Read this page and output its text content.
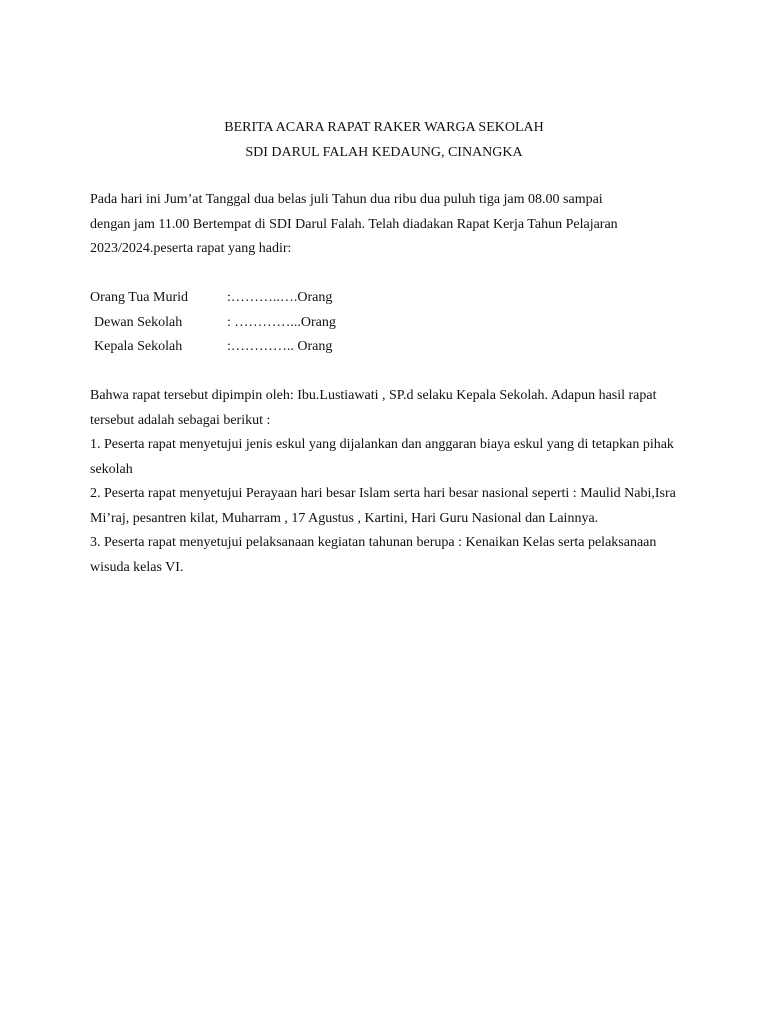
BERITA ACARA RAPAT RAKER WARGA SEKOLAH
SDI DARUL FALAH KEDAUNG, CINANGKA
Pada hari ini Jum’at Tanggal dua belas juli Tahun dua ribu dua puluh tiga jam 08.00 sampai
dengan jam 11.00 Bertempat di SDI Darul Falah. Telah diadakan Rapat Kerja Tahun Pelajaran
2023/2024.peserta rapat yang hadir:
Orang Tua Murid	:………..….Orang
Dewan Sekolah	: …………...Orang
Kepala Sekolah	:………….. Orang
Bahwa rapat tersebut dipimpin oleh: Ibu.Lustiawati , SP.d selaku Kepala Sekolah. Adapun hasil rapat
tersebut adalah sebagai berikut :
1. Peserta rapat menyetujui jenis eskul yang dijalankan dan anggaran biaya eskul yang di tetapkan pihak
sekolah
2. Peserta rapat menyetujui Perayaan hari besar Islam serta hari besar nasional seperti : Maulid Nabi,Isra
Mi’raj, pesantren kilat, Muharram , 17 Agustus , Kartini, Hari Guru Nasional dan Lainnya.
3. Peserta rapat menyetujui pelaksanaan kegiatan tahunan berupa : Kenaikan Kelas serta pelaksanaan
wisuda kelas VI.
